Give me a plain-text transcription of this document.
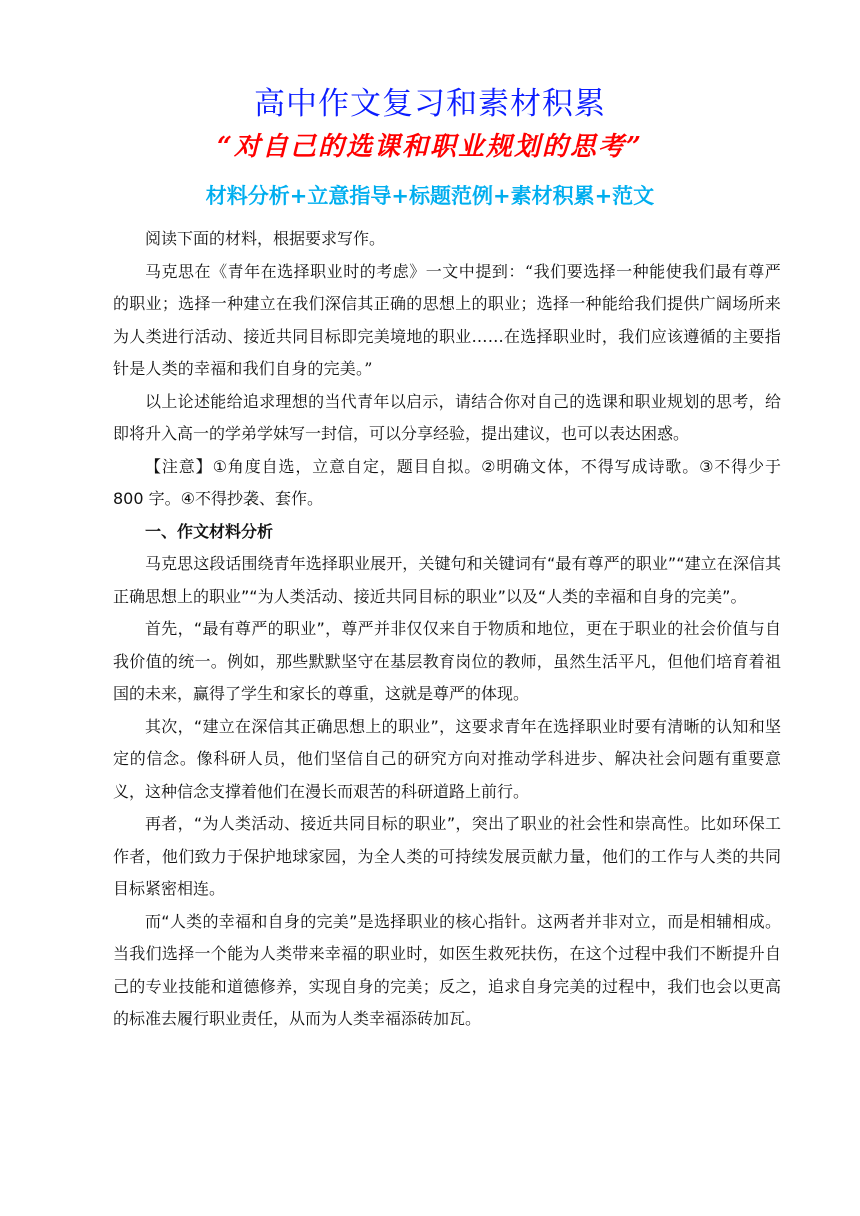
高中作文复习和素材积累
“对自己的选课和职业规划的思考”
材料分析+立意指导+标题范例+素材积累+范文

阅读下面的材料，根据要求写作。

马克思在《青年在选择职业时的考虑》一文中提到：“我们要选择一种能使我们最有尊严的职业；选择一种建立在我们深信其正确的思想上的职业；选择一种能给我们提供广阔场所来为人类进行活动、接近共同目标即完美境地的职业……在选择职业时，我们应该遵循的主要指针是人类的幸福和我们自身的完美。”

以上论述能给追求理想的当代青年以启示，请结合你对自己的选课和职业规划的思考，给即将升入高一的学弟学妹写一封信，可以分享经验，提出建议，也可以表达困惑。

【注意】①角度自选，立意自定，题目自拟。②明确文体，不得写成诗歌。③不得少于 800 字。④不得抄袭、套作。

一、作文材料分析

马克思这段话围绕青年选择职业展开，关键句和关键词有“最有尊严的职业”“建立在深信其正确思想上的职业”“为人类活动、接近共同目标的职业”以及“人类的幸福和自身的完美”。

首先，“最有尊严的职业”，尊严并非仅仅来自于物质和地位，更在于职业的社会价值与自我价值的统一。例如，那些默默坚守在基层教育岗位的教师，虽然生活平凡，但他们培育着祖国的未来，赢得了学生和家长的尊重，这就是尊严的体现。

其次，“建立在深信其正确思想上的职业”，这要求青年在选择职业时要有清晰的认知和坚定的信念。像科研人员，他们坚信自己的研究方向对推动学科进步、解决社会问题有重要意义，这种信念支撑着他们在漫长而艰苦的科研道路上前行。

再者，“为人类活动、接近共同目标的职业”，突出了职业的社会性和崇高性。比如环保工作者，他们致力于保护地球家园，为全人类的可持续发展贡献力量，他们的工作与人类的共同目标紧密相连。

而“人类的幸福和自身的完美”是选择职业的核心指针。这两者并非对立，而是相辅相成。当我们选择一个能为人类带来幸福的职业时，如医生救死扶伤，在这个过程中我们不断提升自己的专业技能和道德修养，实现自身的完美；反之，追求自身完美的过程中，我们也会以更高的标准去履行职业责任，从而为人类幸福添砖加瓦。
